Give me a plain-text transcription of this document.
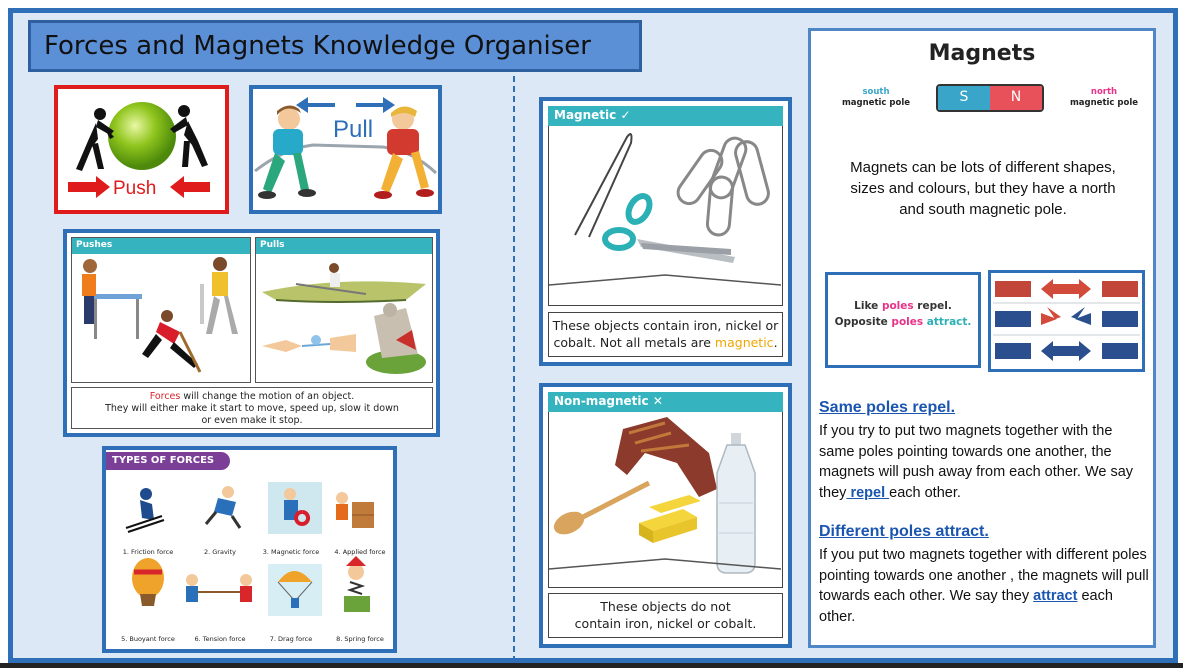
Forces and Magnets Knowledge Organiser
Push
Pull
Pushes	Pulls
Forces will change the motion of an object.
They will either make it start to move, speed up, slow it down
or even make it stop.
TYPES OF FORCES
1. Friction force	2. Gravity	3. Magnetic force	4. Applied force
5. Buoyant force	6. Tension force	7. Drag force	8. Spring force
Magnetic ✓
These objects contain iron, nickel or
cobalt. Not all metals are magnetic.
Non-magnetic ✕
These objects do not
contain iron, nickel or cobalt.
Magnets
south
magnetic pole	S	N	north
magnetic pole
Magnets can be lots of different shapes, sizes and colours, but they have a north and south magnetic pole.
Same poles repel.
If you try to put two magnets together with the same poles pointing towards one another, the magnets will push away from each other. We say they repel each other.
Different poles attract.
If you put two magnets together with different poles pointing towards one another , the magnets will pull towards each other. We say they attract each other.
Like poles repel.
Opposite poles attract.
